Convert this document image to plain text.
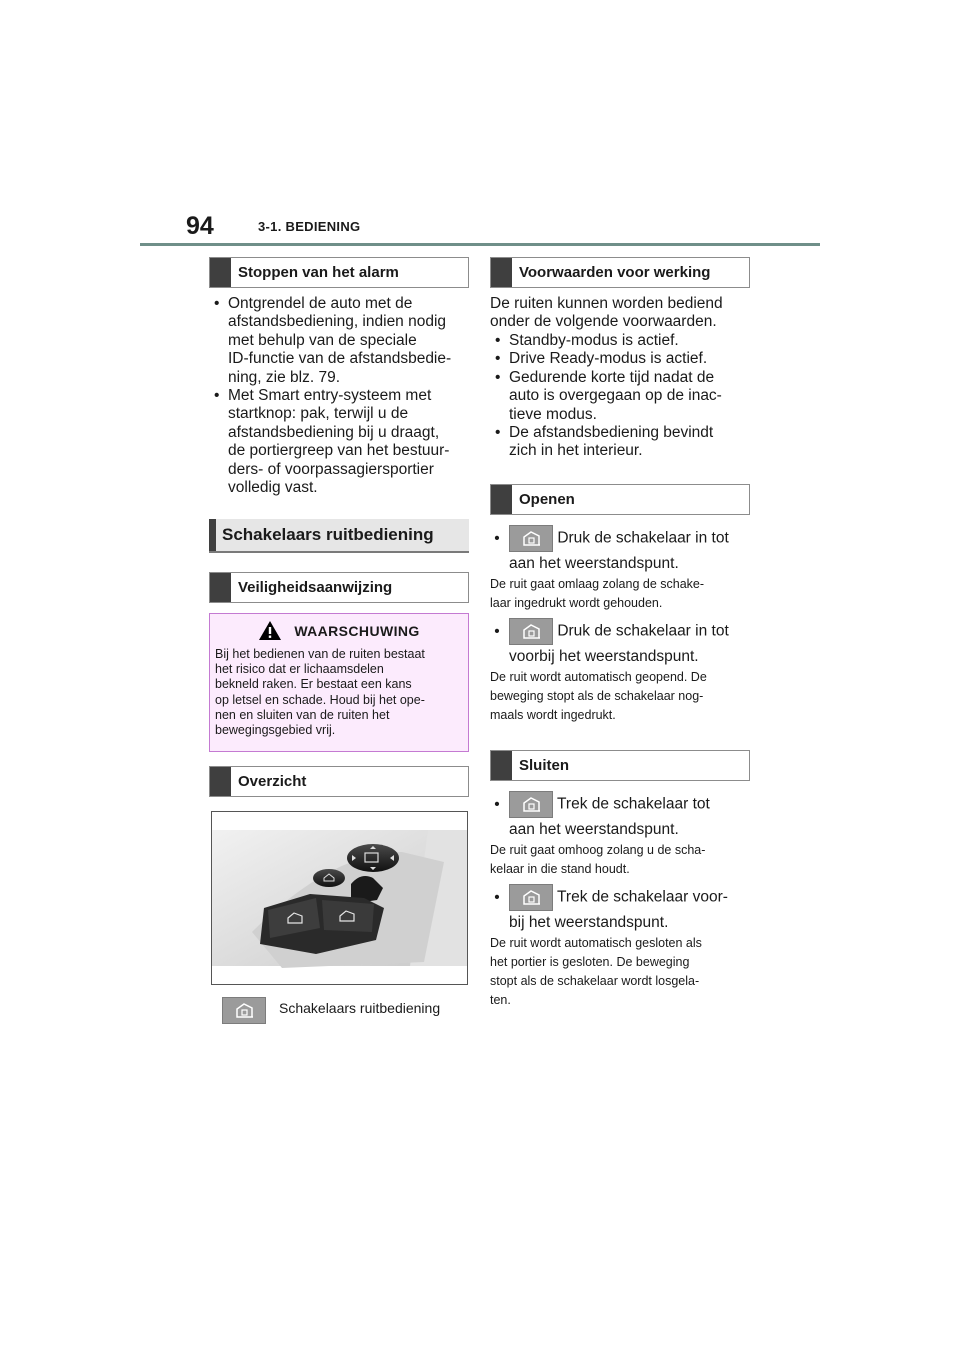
94	3-1. BEDIENING
Stoppen van het alarm
• Ontgrendel de auto met de
afstandsbediening, indien nodig
met behulp van de speciale
ID-functie van de afstandsbedie-
ning, zie blz. 79.
• Met Smart entry-systeem met
startknop: pak, terwijl u de
afstandsbediening bij u draagt,
de portiergreep van het bestuur-
ders- of voorpassagiersportier
volledig vast.
Schakelaars ruitbediening
Veiligheidsaanwijzing
WAARSCHUWING
Bij het bedienen van de ruiten bestaat
het risico dat er lichaamsdelen
bekneld raken. Er bestaat een kans
op letsel en schade. Houd bij het ope-
nen en sluiten van de ruiten het
bewegingsgebied vrij.
Overzicht
Schakelaars ruitbediening
Voorwaarden voor werking
De ruiten kunnen worden bediend
onder de volgende voorwaarden.
• Standby-modus is actief.
• Drive Ready-modus is actief.
• Gedurende korte tijd nadat de
auto is overgegaan op de inac-
tieve modus.
• De afstandsbediening bevindt
zich in het interieur.
Openen
•	Druk de schakelaar in tot
aan het weerstandspunt.
De ruit gaat omlaag zolang de schake-
laar ingedrukt wordt gehouden.
•	Druk de schakelaar in tot
voorbij het weerstandspunt.
De ruit wordt automatisch geopend. De
beweging stopt als de schakelaar nog-
maals wordt ingedrukt.
Sluiten
•	Trek de schakelaar tot
aan het weerstandspunt.
De ruit gaat omhoog zolang u de scha-
kelaar in die stand houdt.
•	Trek de schakelaar voor-
bij het weerstandspunt.
De ruit wordt automatisch gesloten als
het portier is gesloten. De beweging
stopt als de schakelaar wordt losgela-
ten.
